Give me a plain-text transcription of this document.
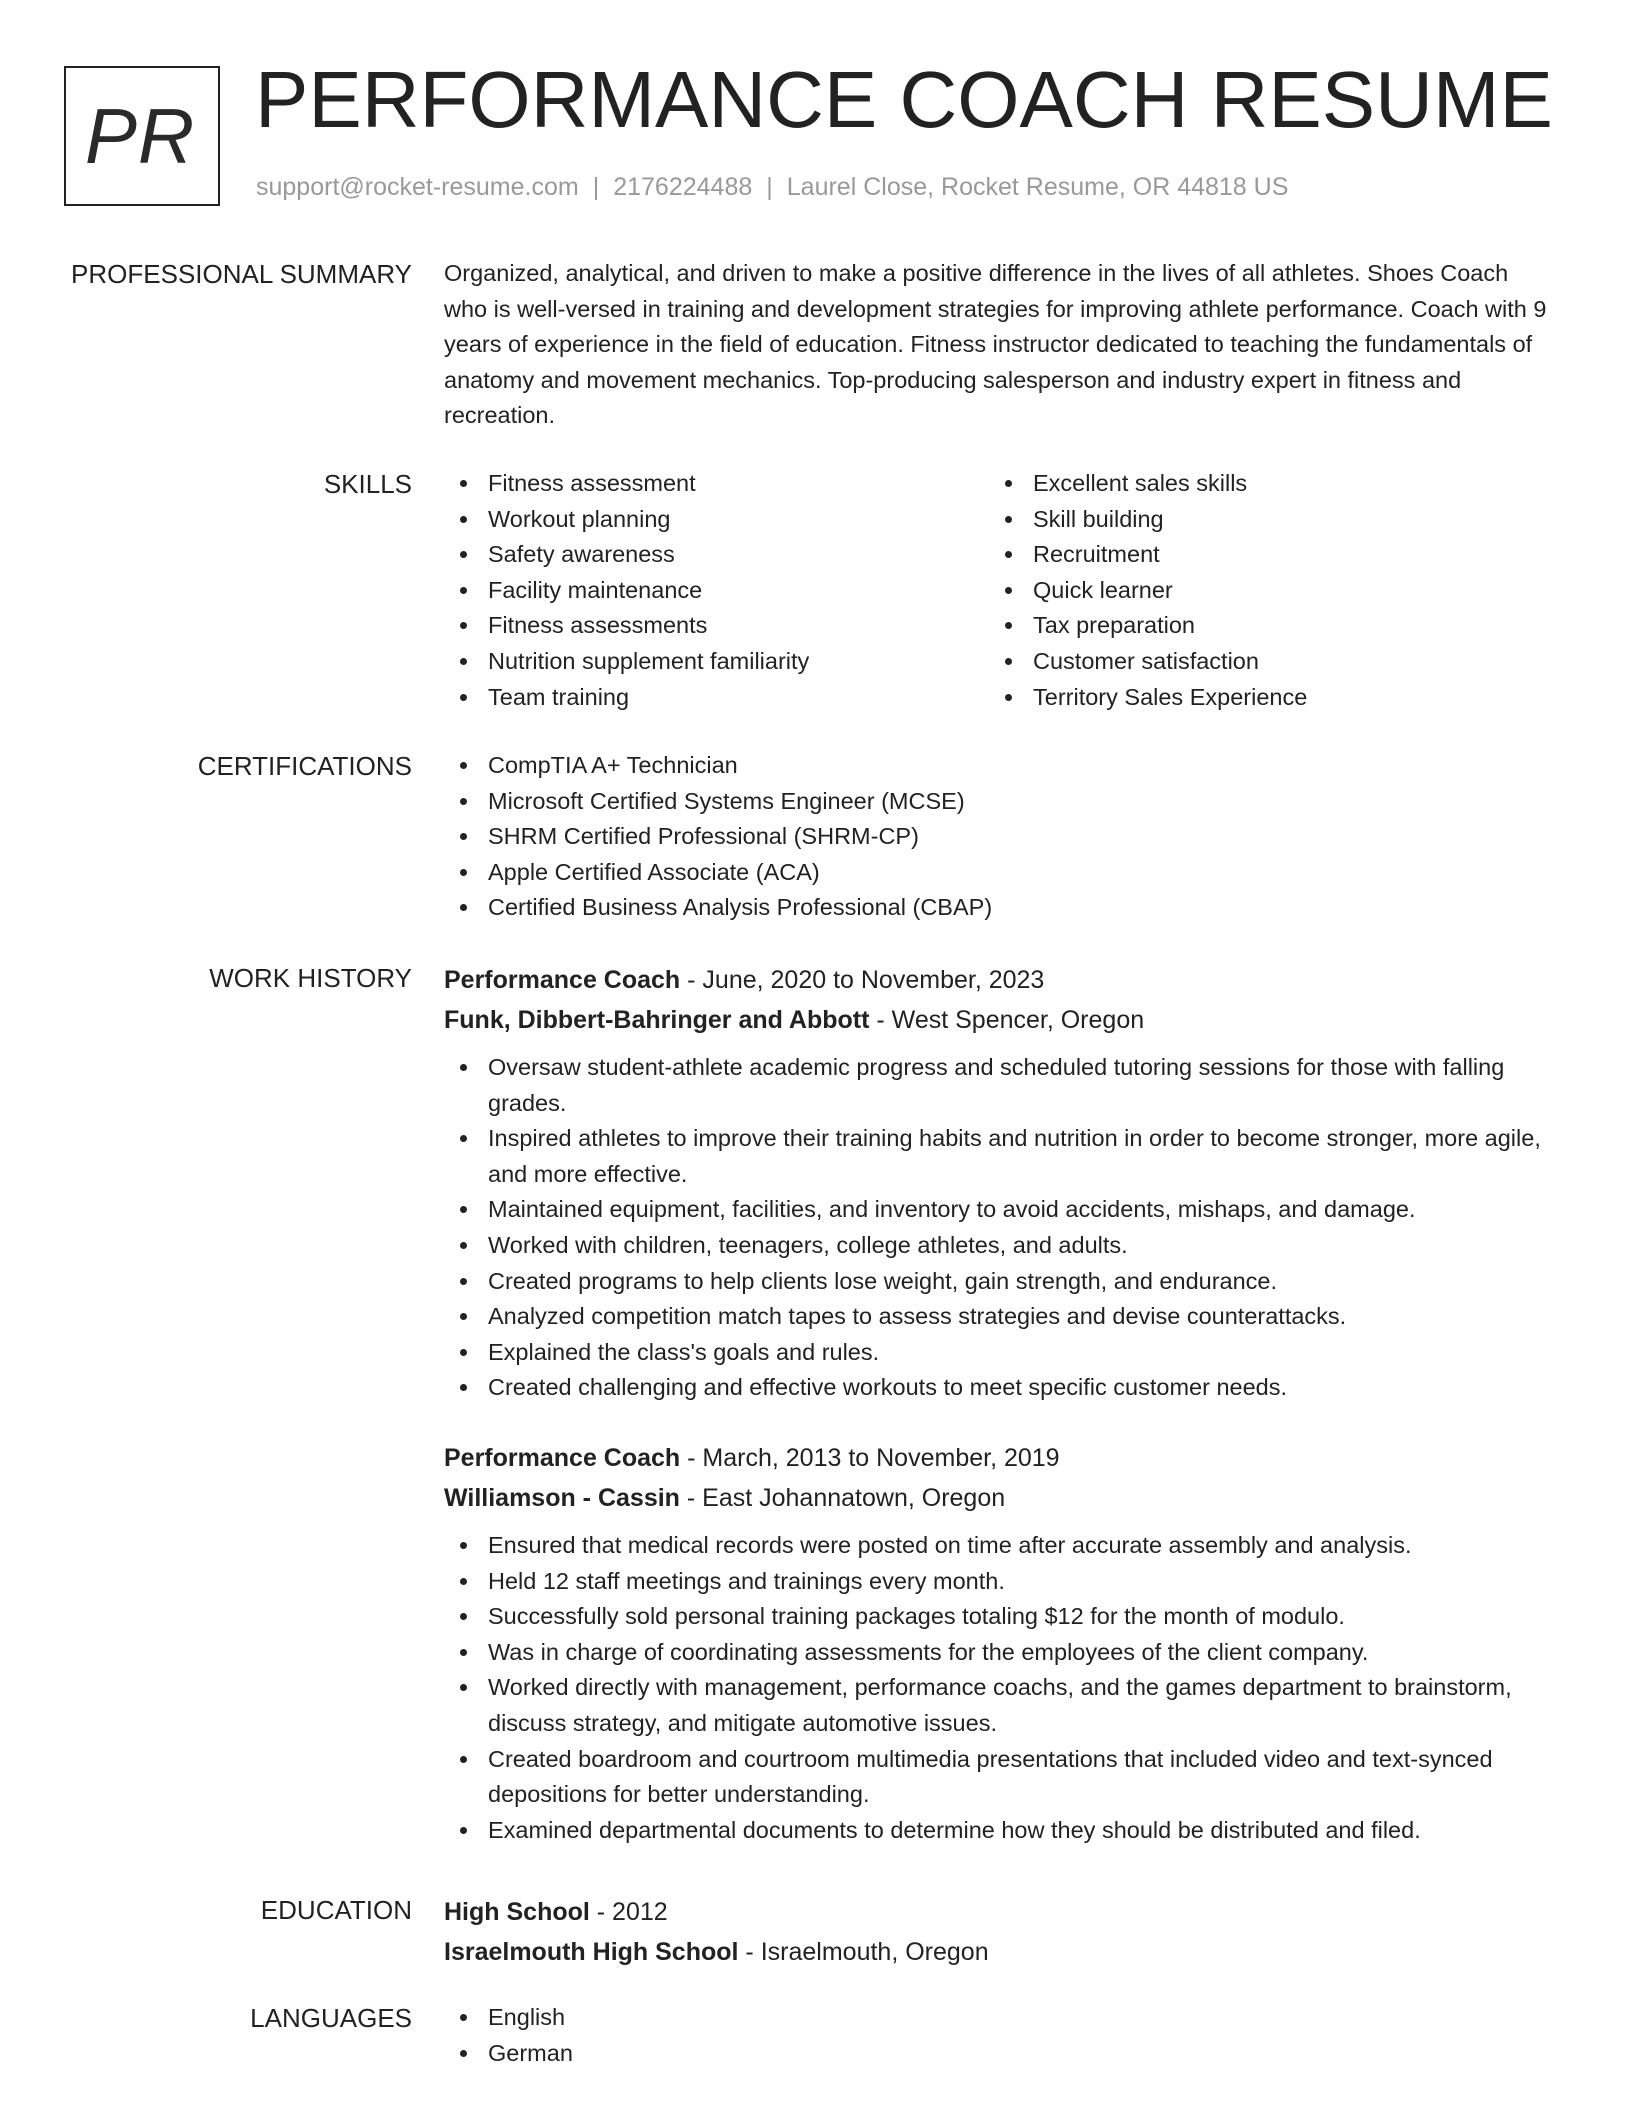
PR PERFORMANCE COACH RESUME
support@rocket-resume.com | 2176224488 | Laurel Close, Rocket Resume, OR 44818 US
PROFESSIONAL SUMMARY Organized, analytical, and driven to make a positive difference in the lives of all athletes. Shoes Coach who is well-versed in training and development strategies for improving athlete performance. Coach with 9 years of experience in the field of education. Fitness instructor dedicated to teaching the fundamentals of anatomy and movement mechanics. Top-producing salesperson and industry expert in fitness and recreation.
SKILLS	Fitness assessment
Workout planning
Safety awareness
Facility maintenance
Fitness assessments
Nutrition supplement familiarity
Team training
Excellent sales skills
Skill building
Recruitment
Quick learner
Tax preparation
Customer satisfaction
Territory Sales Experience
CERTIFICATIONS	CompTIA A+ Technician
Microsoft Certified Systems Engineer (MCSE)
SHRM Certified Professional (SHRM-CP)
Apple Certified Associate (ACA)
Certified Business Analysis Professional (CBAP)
WORK HISTORY Performance Coach - June, 2020 to November, 2023
Funk, Dibbert-Bahringer and Abbott - West Spencer, Oregon
Oversaw student-athlete academic progress and scheduled tutoring sessions for those with falling grades.
Inspired athletes to improve their training habits and nutrition in order to become stronger, more agile, and more effective.
Maintained equipment, facilities, and inventory to avoid accidents, mishaps, and damage.
Worked with children, teenagers, college athletes, and adults.
Created programs to help clients lose weight, gain strength, and endurance.
Analyzed competition match tapes to assess strategies and devise counterattacks.
Explained the class's goals and rules.
Created challenging and effective workouts to meet specific customer needs.
Performance Coach - March, 2013 to November, 2019
Williamson - Cassin - East Johannatown, Oregon
Ensured that medical records were posted on time after accurate assembly and analysis.
Held 12 staff meetings and trainings every month.
Successfully sold personal training packages totaling $12 for the month of modulo.
Was in charge of coordinating assessments for the employees of the client company.
Worked directly with management, performance coachs, and the games department to brainstorm, discuss strategy, and mitigate automotive issues.
Created boardroom and courtroom multimedia presentations that included video and text-synced depositions for better understanding.
Examined departmental documents to determine how they should be distributed and filed.
EDUCATION High School - 2012
Israelmouth High School - Israelmouth, Oregon
LANGUAGES	English
German
